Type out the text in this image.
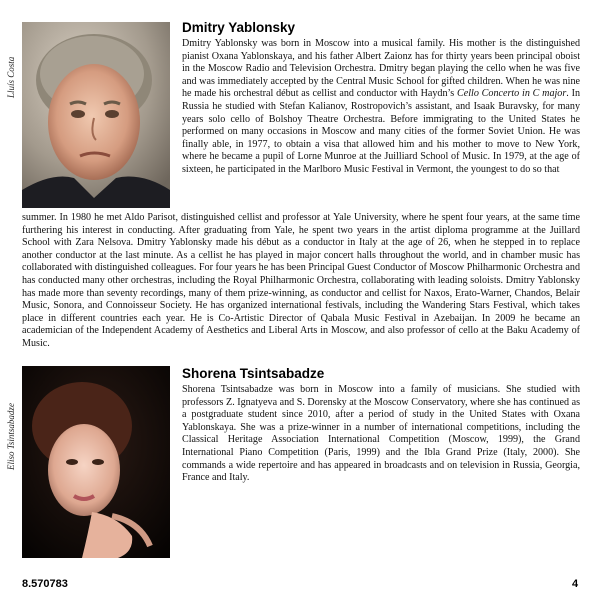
Lluís Costa
Dmitry Yablonsky

Dmitry Yablonsky was born in Moscow into a musical family. His mother is the distinguished pianist Oxana Yablonskaya, and his father Albert Zaionz has for thirty years been principal oboist in the Moscow Radio and Television Orchestra. Dmitry began playing the cello when he was five and was immediately accepted by the Central Music School for gifted children. When he was nine he made his orchestral début as cellist and conductor with Haydn’s Cello Concerto in C major. In Russia he studied with Stefan Kalianov, Rostropovich’s assistant, and Isaak Buravsky, for many years solo cello of Bolshoy Theatre Orchestra. Before immigrating to the United States he performed on many occasions in Moscow and many cities of the former Soviet Union. He was finally able, in 1977, to obtain a visa that allowed him and his mother to move to New York, where he became a pupil of Lorne Munroe at the Juilliard School of Music. In 1979, at the age of sixteen, he participated in the Marlboro Music Festival in Vermont, the youngest to do so that

summer. In 1980 he met Aldo Parisot, distinguished cellist and professor at Yale University, where he spent four years, at the same time furthering his interest in conducting. After graduating from Yale, he spent two years in the artist diploma programme at the Juillard School with Zara Nelsova. Dmitry Yablonsky made his début as a conductor in Italy at the age of 26, when he stepped in to replace another conductor at the last minute. As a cellist he has played in major concert halls throughout the world, and in chamber music has collaborated with distinguished colleagues. For four years he has been Principal Guest Conductor of Moscow Philharmonic Orchestra and has conducted many other orchestras, including the Royal Philharmonic Orchestra, collaborating with leading soloists. Dmitry Yablonsky has made more than seventy recordings, many of them prize-winning, as conductor and cellist for Naxos, Erato-Warner, Chandos, Belair Music, Sonora, and Connoisseur Society. He has organized international festivals, including the Wandering Stars Festival, which takes place in different countries each year. He is Co-Artistic Director of Qabala Music Festival in Azebaijan. In 2009 he became an academician of the Independent Academy of Aesthetics and Liberal Arts in Moscow, and also professor of cello at the Baku Academy of Music.

Eliso Tsintsabadze
Shorena Tsintsabadze

Shorena Tsintsabadze was born in Moscow into a family of musicians. She studied with professors Z. Ignatyeva and S. Dorensky at the Moscow Conservatory, where she has continued as a postgraduate student since 2010, after a period of study in the United States with Oxana Yablonskaya. She was a prize-winner in a number of international competitions, including the Classical Heritage Association International Competition (Moscow, 1999), the Grand International Piano Competition (Paris, 1999) and the Ibla Grand Prize (Italy, 2000). She commands a wide repertoire and has appeared in broadcasts and on television in Russia, Georgia, France and Italy.

8.570783	4
